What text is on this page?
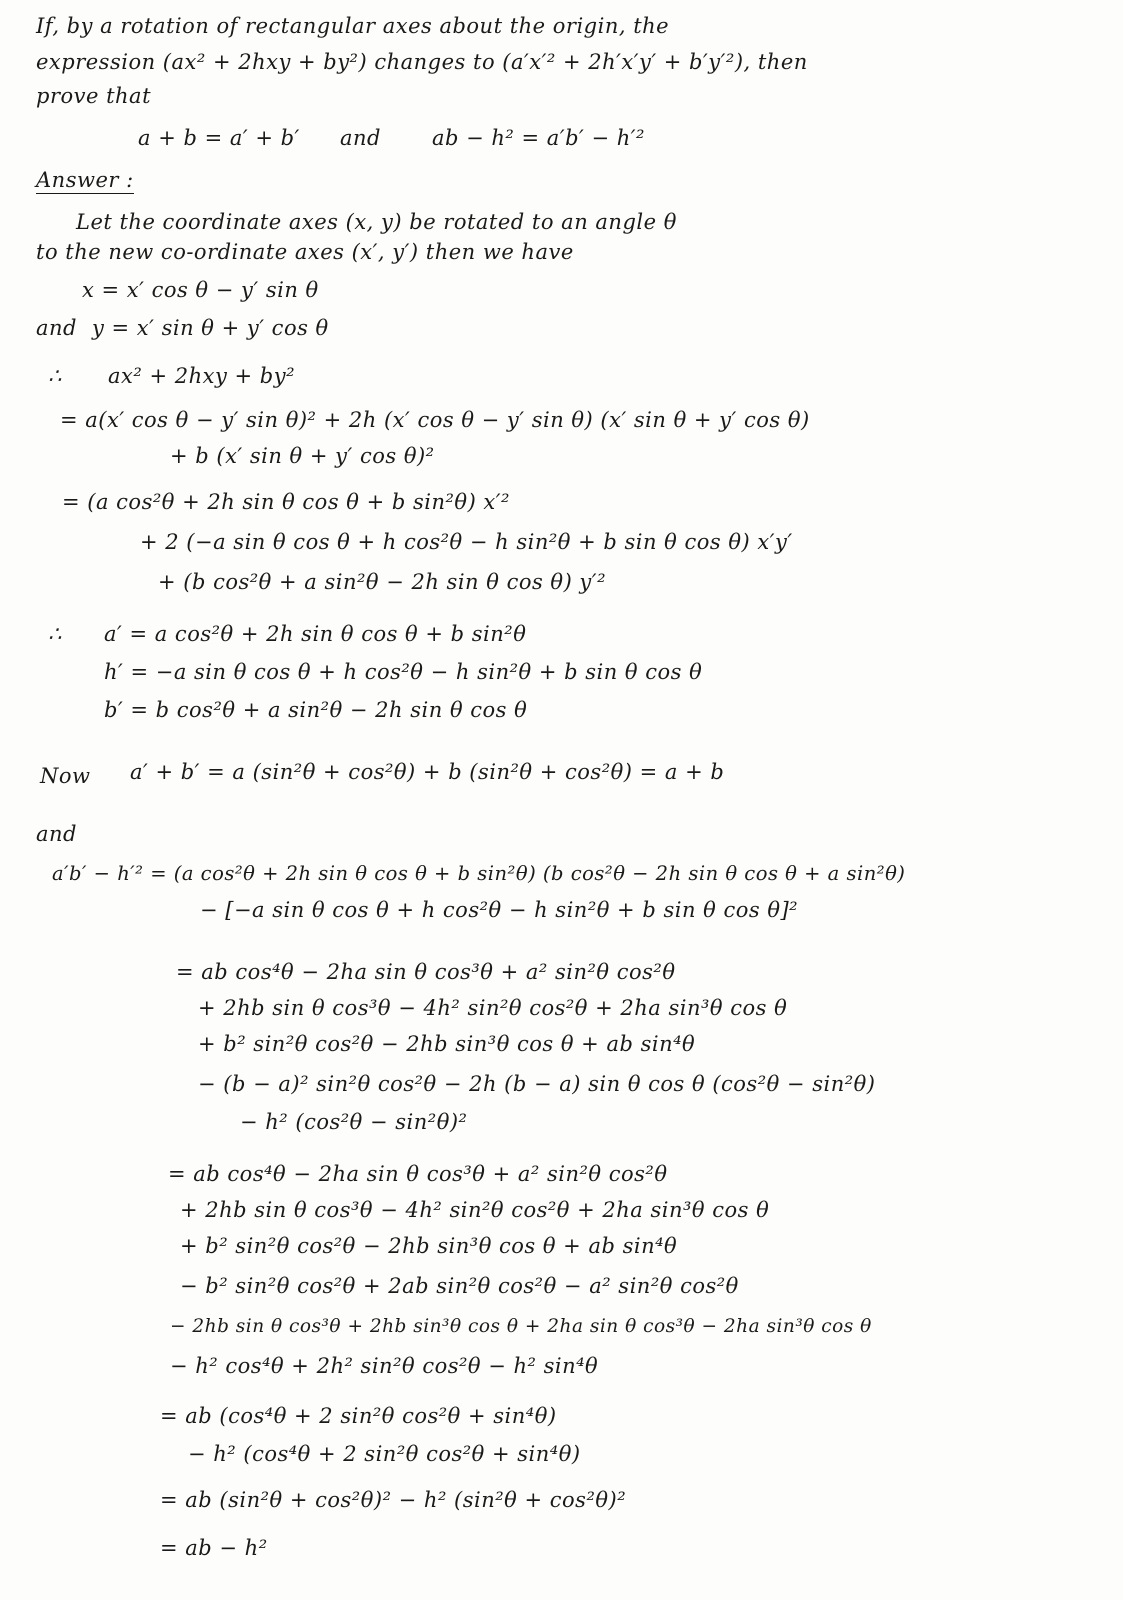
If, by a rotation of rectangular axes about the origin, the
expression (ax² + 2hxy + by²) changes to (a′x′² + 2h′x′y′ + b′y′²), then
prove that
a + b = a′ + b′ and ab − h² = a′b′ − h′²
Answer :
Let the coordinate axes (x, y) be rotated to an angle θ
to the new co-ordinate axes (x′, y′) then we have
x = x′ cos θ − y′ sin θ
and y = x′ sin θ + y′ cos θ
∴ ax² + 2hxy + by²
= a(x′ cos θ − y′ sin θ)² + 2h (x′ cos θ − y′ sin θ) (x′ sin θ + y′ cos θ)
+ b (x′ sin θ + y′ cos θ)²
= (a cos²θ + 2h sin θ cos θ + b sin²θ) x′²
+ 2 (−a sin θ cos θ + h cos²θ − h sin²θ + b sin θ cos θ) x′y′
+ (b cos²θ + a sin²θ − 2h sin θ cos θ) y′²
∴ a′ = a cos²θ + 2h sin θ cos θ + b sin²θ
h′ = −a sin θ cos θ + h cos²θ − h sin²θ + b sin θ cos θ
b′ = b cos²θ + a sin²θ − 2h sin θ cos θ
Now a′ + b′ = a (sin²θ + cos²θ) + b (sin²θ + cos²θ) = a + b
and
a′b′ − h′² = (a cos²θ + 2h sin θ cos θ + b sin²θ) (b cos²θ − 2h sin θ cos θ + a sin²θ)
− [−a sin θ cos θ + h cos²θ − h sin²θ + b sin θ cos θ]²
= ab cos⁴θ − 2ha sin θ cos³θ + a² sin²θ cos²θ
+ 2hb sin θ cos³θ − 4h² sin²θ cos²θ + 2ha sin³θ cos θ
+ b² sin²θ cos²θ − 2hb sin³θ cos θ + ab sin⁴θ
− (b − a)² sin²θ cos²θ − 2h (b − a) sin θ cos θ (cos²θ − sin²θ)
− h² (cos²θ − sin²θ)²
= ab cos⁴θ − 2ha sin θ cos³θ + a² sin²θ cos²θ
+ 2hb sin θ cos³θ − 4h² sin²θ cos²θ + 2ha sin³θ cos θ
+ b² sin²θ cos²θ − 2hb sin³θ cos θ + ab sin⁴θ
− b² sin²θ cos²θ + 2ab sin²θ cos²θ − a² sin²θ cos²θ
− 2hb sin θ cos³θ + 2hb sin³θ cos θ + 2ha sin θ cos³θ − 2ha sin³θ cos θ
− h² cos⁴θ + 2h² sin²θ cos²θ − h² sin⁴θ
= ab (cos⁴θ + 2 sin²θ cos²θ + sin⁴θ)
− h² (cos⁴θ + 2 sin²θ cos²θ + sin⁴θ)
= ab (sin²θ + cos²θ)² − h² (sin²θ + cos²θ)²
= ab − h²
